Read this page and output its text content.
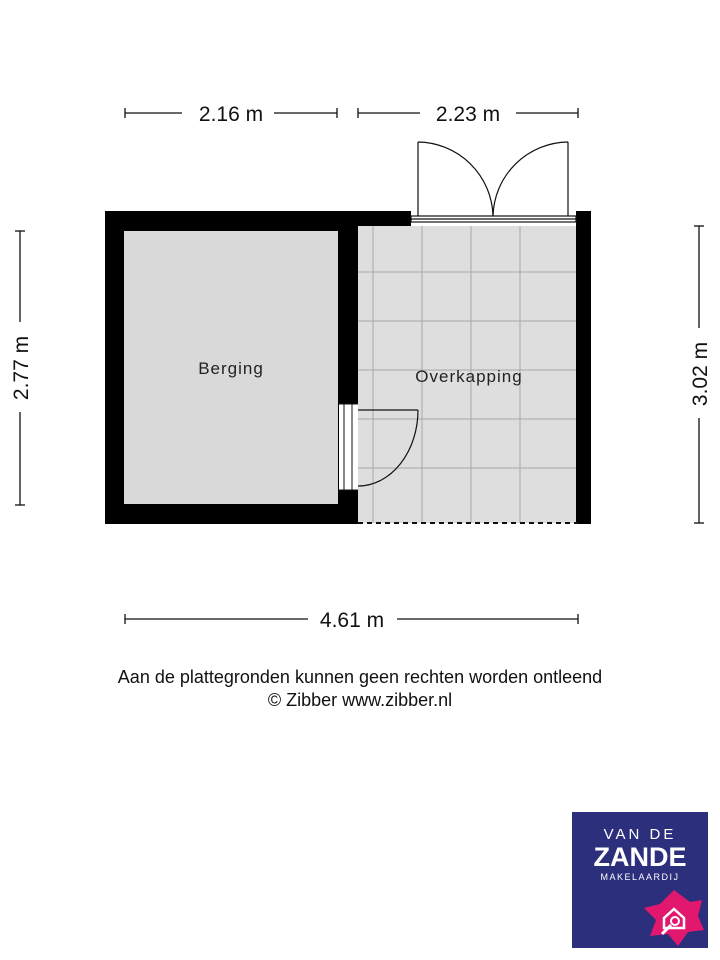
2.16 m	2.23 m
2.77 m	3.02 m
4.61 m
Berging	Overkapping
Aan de plattegronden kunnen geen rechten worden ontleend
© Zibber www.zibber.nl
VAN DE
ZANDE
MAKELAARDIJ
